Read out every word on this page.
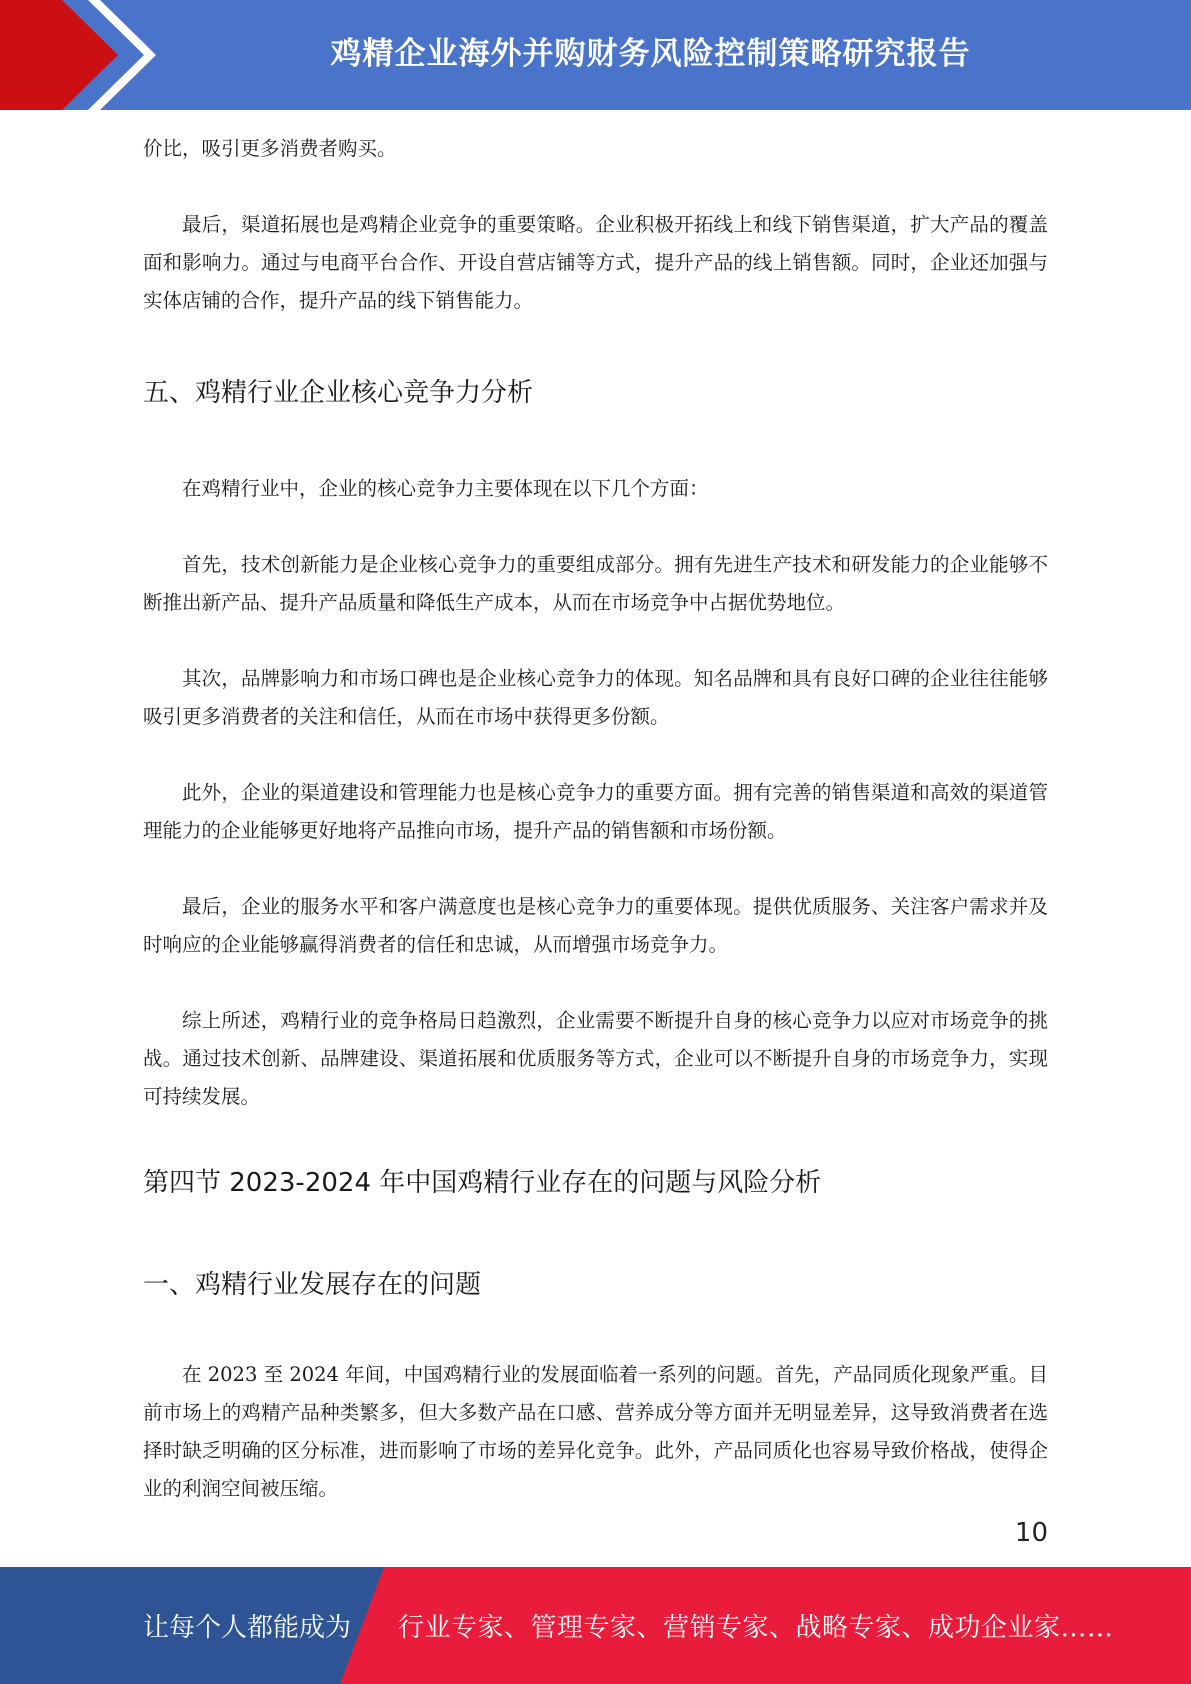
鸡精企业海外并购财务风险控制策略研究报告

价比，吸引更多消费者购买。

最后，渠道拓展也是鸡精企业竞争的重要策略。企业积极开拓线上和线下销售渠道，扩大产品的覆盖面和影响力。通过与电商平台合作、开设自营店铺等方式，提升产品的线上销售额。同时，企业还加强与实体店铺的合作，提升产品的线下销售能力。

五、鸡精行业企业核心竞争力分析

在鸡精行业中，企业的核心竞争力主要体现在以下几个方面：

首先，技术创新能力是企业核心竞争力的重要组成部分。拥有先进生产技术和研发能力的企业能够不断推出新产品、提升产品质量和降低生产成本，从而在市场竞争中占据优势地位。

其次，品牌影响力和市场口碑也是企业核心竞争力的体现。知名品牌和具有良好口碑的企业往往能够吸引更多消费者的关注和信任，从而在市场中获得更多份额。

此外，企业的渠道建设和管理能力也是核心竞争力的重要方面。拥有完善的销售渠道和高效的渠道管理能力的企业能够更好地将产品推向市场，提升产品的销售额和市场份额。

最后，企业的服务水平和客户满意度也是核心竞争力的重要体现。提供优质服务、关注客户需求并及时响应的企业能够赢得消费者的信任和忠诚，从而增强市场竞争力。

综上所述，鸡精行业的竞争格局日趋激烈，企业需要不断提升自身的核心竞争力以应对市场竞争的挑战。通过技术创新、品牌建设、渠道拓展和优质服务等方式，企业可以不断提升自身的市场竞争力，实现可持续发展。

第四节 2023-2024 年中国鸡精行业存在的问题与风险分析
一、鸡精行业发展存在的问题

在 2023 至 2024 年间，中国鸡精行业的发展面临着一系列的问题。首先，产品同质化现象严重。目前市场上的鸡精产品种类繁多，但大多数产品在口感、营养成分等方面并无明显差异，这导致消费者在选择时缺乏明确的区分标准，进而影响了市场的差异化竞争。此外，产品同质化也容易导致价格战，使得企业的利润空间被压缩。

10
让每个人都能成为 行业专家、管理专家、营销专家、战略专家、成功企业家……
